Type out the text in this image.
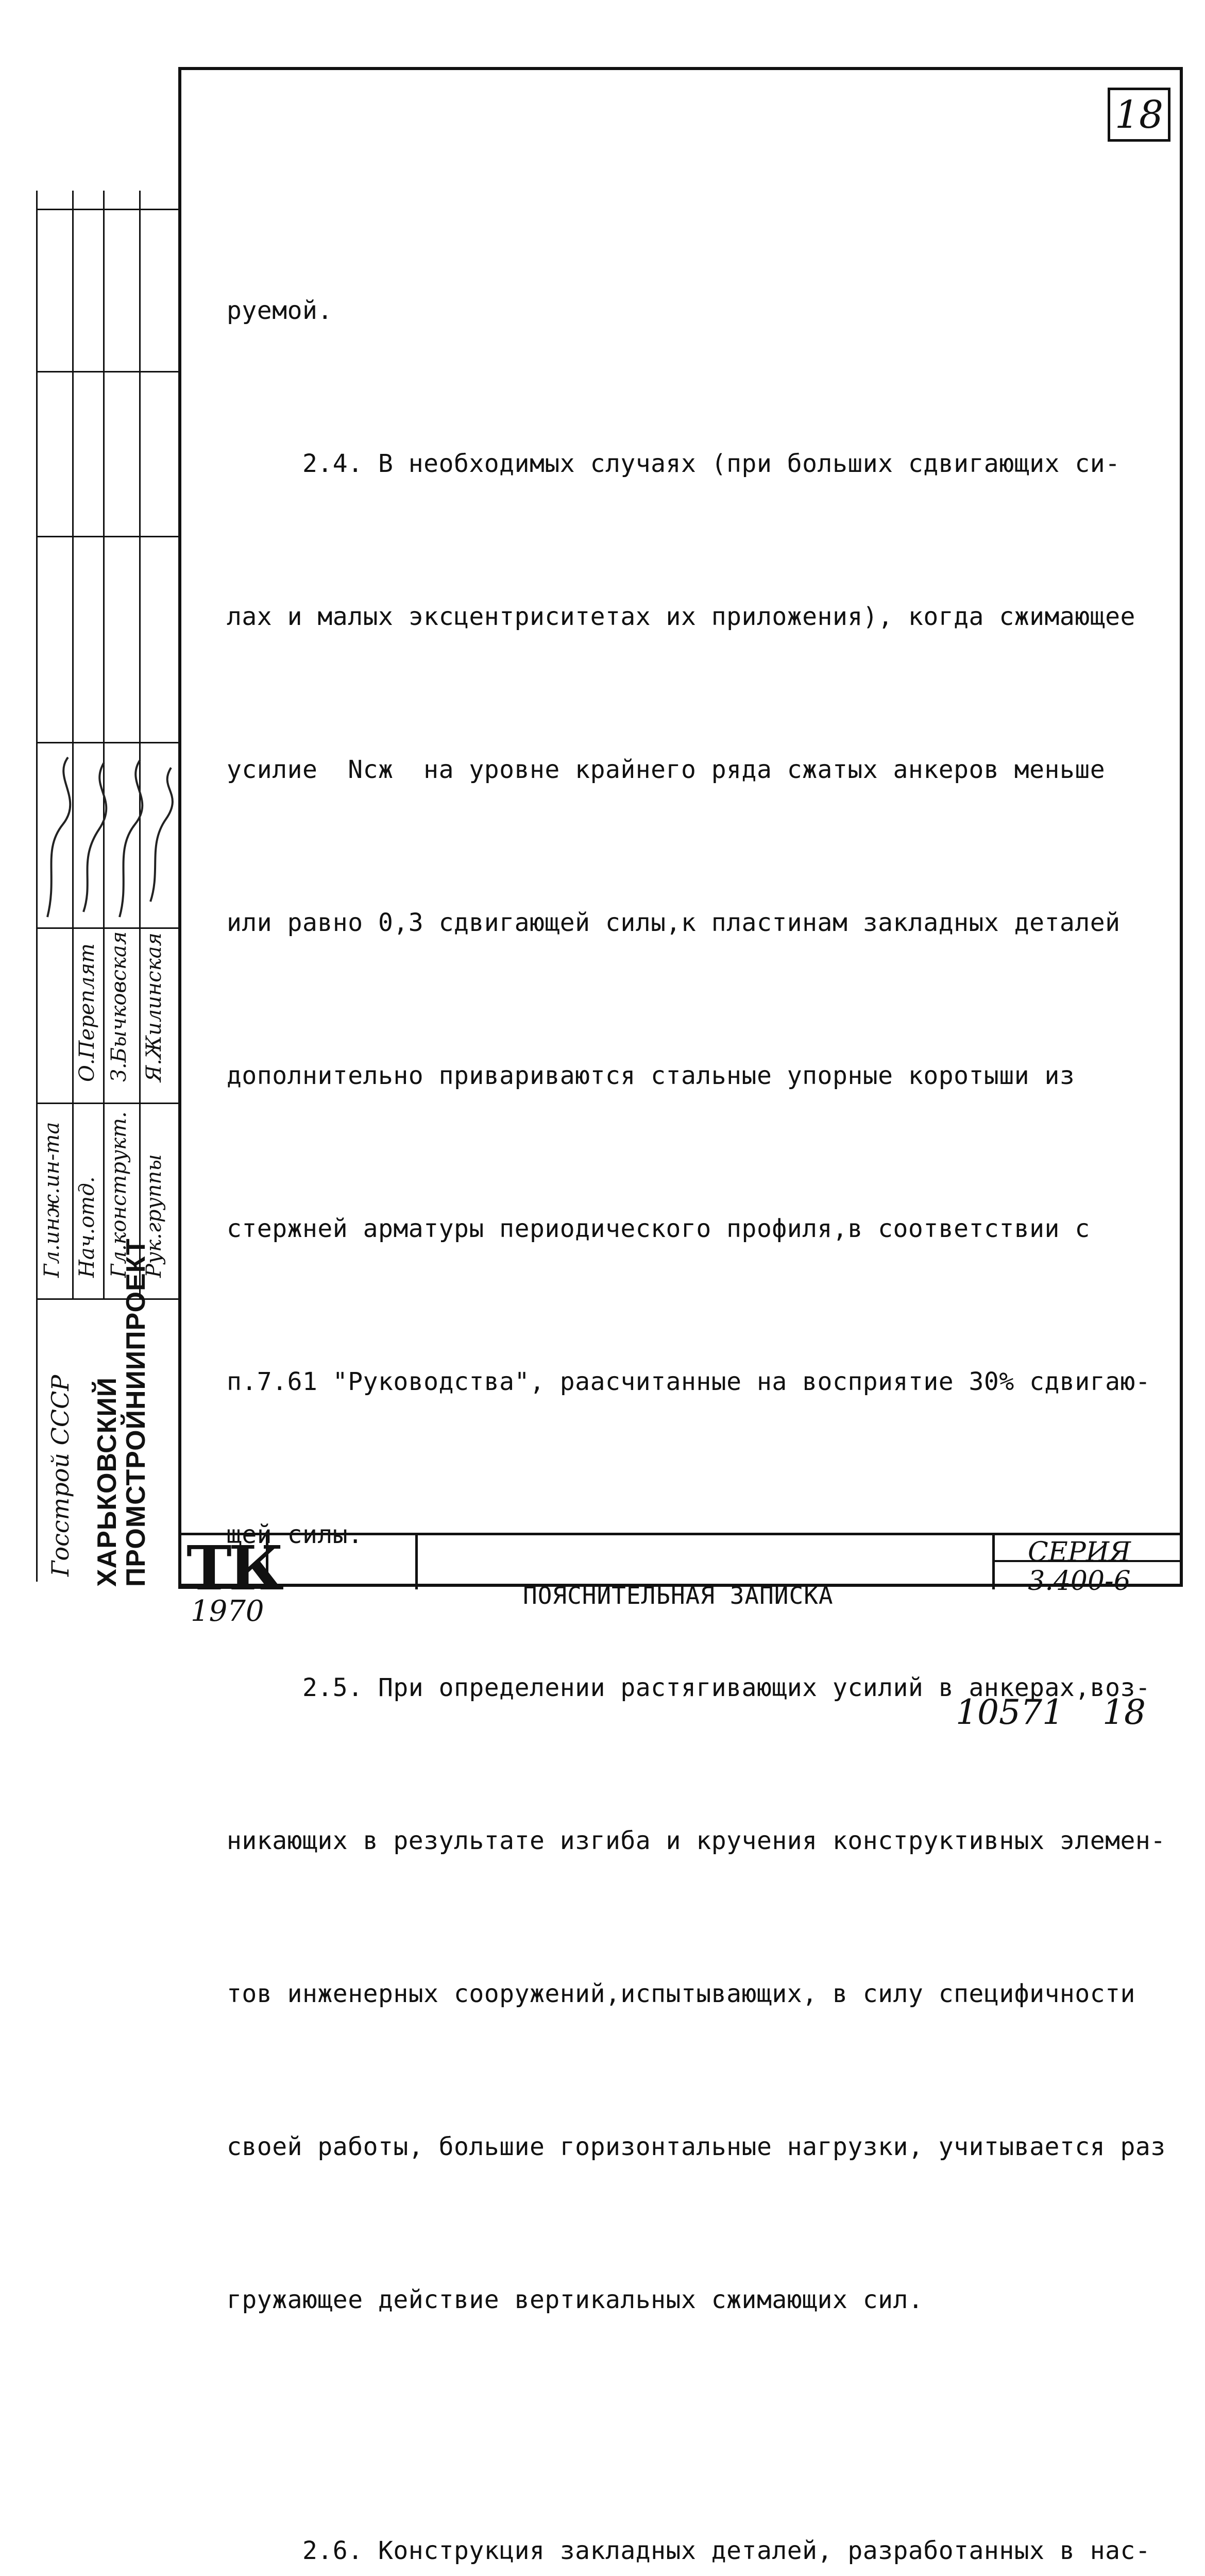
18

руемой.

2.4. В необходимых случаях (при больших сдвигающих си-

лах и малых эксцентриситетах их приложения), когда сжимающее

усилие  Nсж  на уровне крайнего ряда сжатых анкеров меньше

или равно 0,3 сдвигающей силы,к пластинам закладных деталей

дополнительно привариваются стальные упорные коротыши из

стержней арматуры периодического профиля,в соответствии с

п.7.61 "Руководства", раасчитанные на восприятие 30% сдвигаю-

щей силы.

2.5. При определении растягивающих усилий в анкерах,воз-

никающих в результате изгиба и кручения конструктивных элемен-

тов инженерных сооружений,испытывающих, в силу специфичности

своей работы, большие горизонтальные нагрузки, учитывается раз

гружающее действие вертикальных сжимающих сил.

2.6. Конструкция закладных деталей, разработанных в нас-

Гл.инж.ин-та Нач.отд. Гл.конструкт. Рук.группы
О.Переплят З.Бычковская Я.Жилинская
ХАРЬКОВСКИЙ
ПРОМСТРОЙНИИПРОЕКТ
Госстрой СССР ТК
1970	ПОЯСНИТЕЛЬНАЯ ЗАПИСКА
СЕРИЯ
3.400-6
10571 18
